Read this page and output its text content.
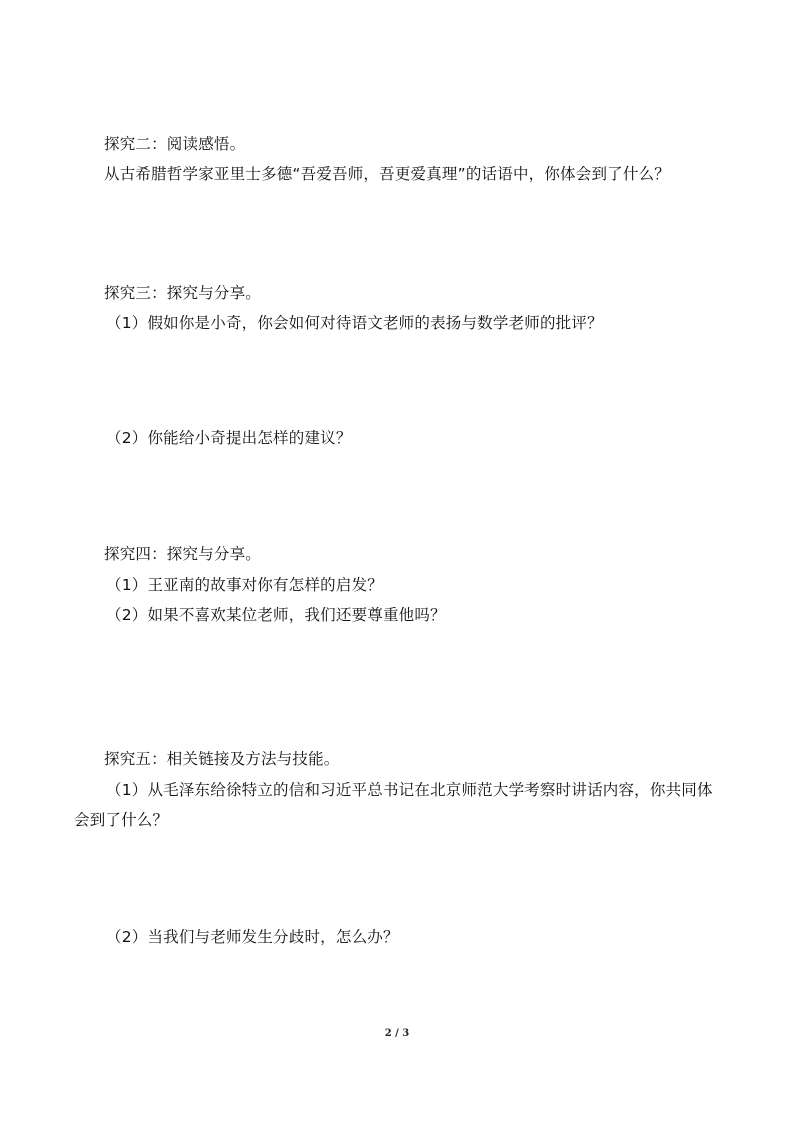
探究二：阅读感悟。
从古希腊哲学家亚里士多德“吾爱吾师，吾更爱真理”的话语中，你体会到了什么？
探究三：探究与分享。
（1）假如你是小奇，你会如何对待语文老师的表扬与数学老师的批评？
（2）你能给小奇提出怎样的建议？
探究四：探究与分享。
（1）王亚南的故事对你有怎样的启发？
（2）如果不喜欢某位老师，我们还要尊重他吗？
探究五：相关链接及方法与技能。
（1）从毛泽东给徐特立的信和习近平总书记在北京师范大学考察时讲话内容，你共同体
会到了什么？
（2）当我们与老师发生分歧时，怎么办？
2 / 3
